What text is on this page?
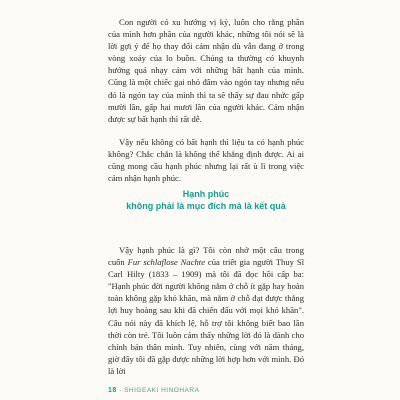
Con người có xu hướng vị kỷ, luôn cho rằng phần của mình hơn phần của người khác, những tôi nói sẽ là lời gợi ý để họ thay đổi cảm nhận dù vẫn đang ở trong vòng xoáy của lo buồn. Chúng ta thường có khuynh hướng quá nhạy cảm với những bất hạnh của mình. Cũng là một chiếc gai nhỏ đâm vào ngón tay nhưng nếu đó là ngón tay của mình thì ta sẽ thấy sự đau nhức gấp mười lần, gấp hai mươi lần của người khác. Cảm nhận được sự bất hạnh thì rất dễ.

Vậy nếu không có bất hạnh thì liệu ta có hạnh phúc không? Chắc chắn là không thể khẳng định được. Ai ai cũng mong cầu hạnh phúc nhưng lại rất ù lì trong việc cảm nhận hạnh phúc.

Hạnh phúc
không phải là mục đích mà là kết quả

Vậy hạnh phúc là gì? Tôi còn nhớ một câu trong cuốn Fur schlaflose Nachte của triết gia người Thuy Sĩ Carl Hilty (1833 – 1909) mà tôi đã đọc hồi cấp ba: "Hạnh phúc đời người không nằm ở chỗ ít gặp hay hoàn toàn không gặp khó khăn, mà nằm ở chỗ đạt được thắng lợi huy hoàng sau khi đã chiến đấu với mọi khó khăn". Câu nói này đã khích lệ, hỗ trợ tôi không biết bao lần thời còn trẻ. Tôi luôn cảm thấy những lời đó là dành cho chính bản thân mình. Tuy nhiên, cùng với năm tháng, giờ đây tôi đã gặp được những lời hợp hơn với mình. Đó là lời

18 · SHIGEAKI HINOHARA
